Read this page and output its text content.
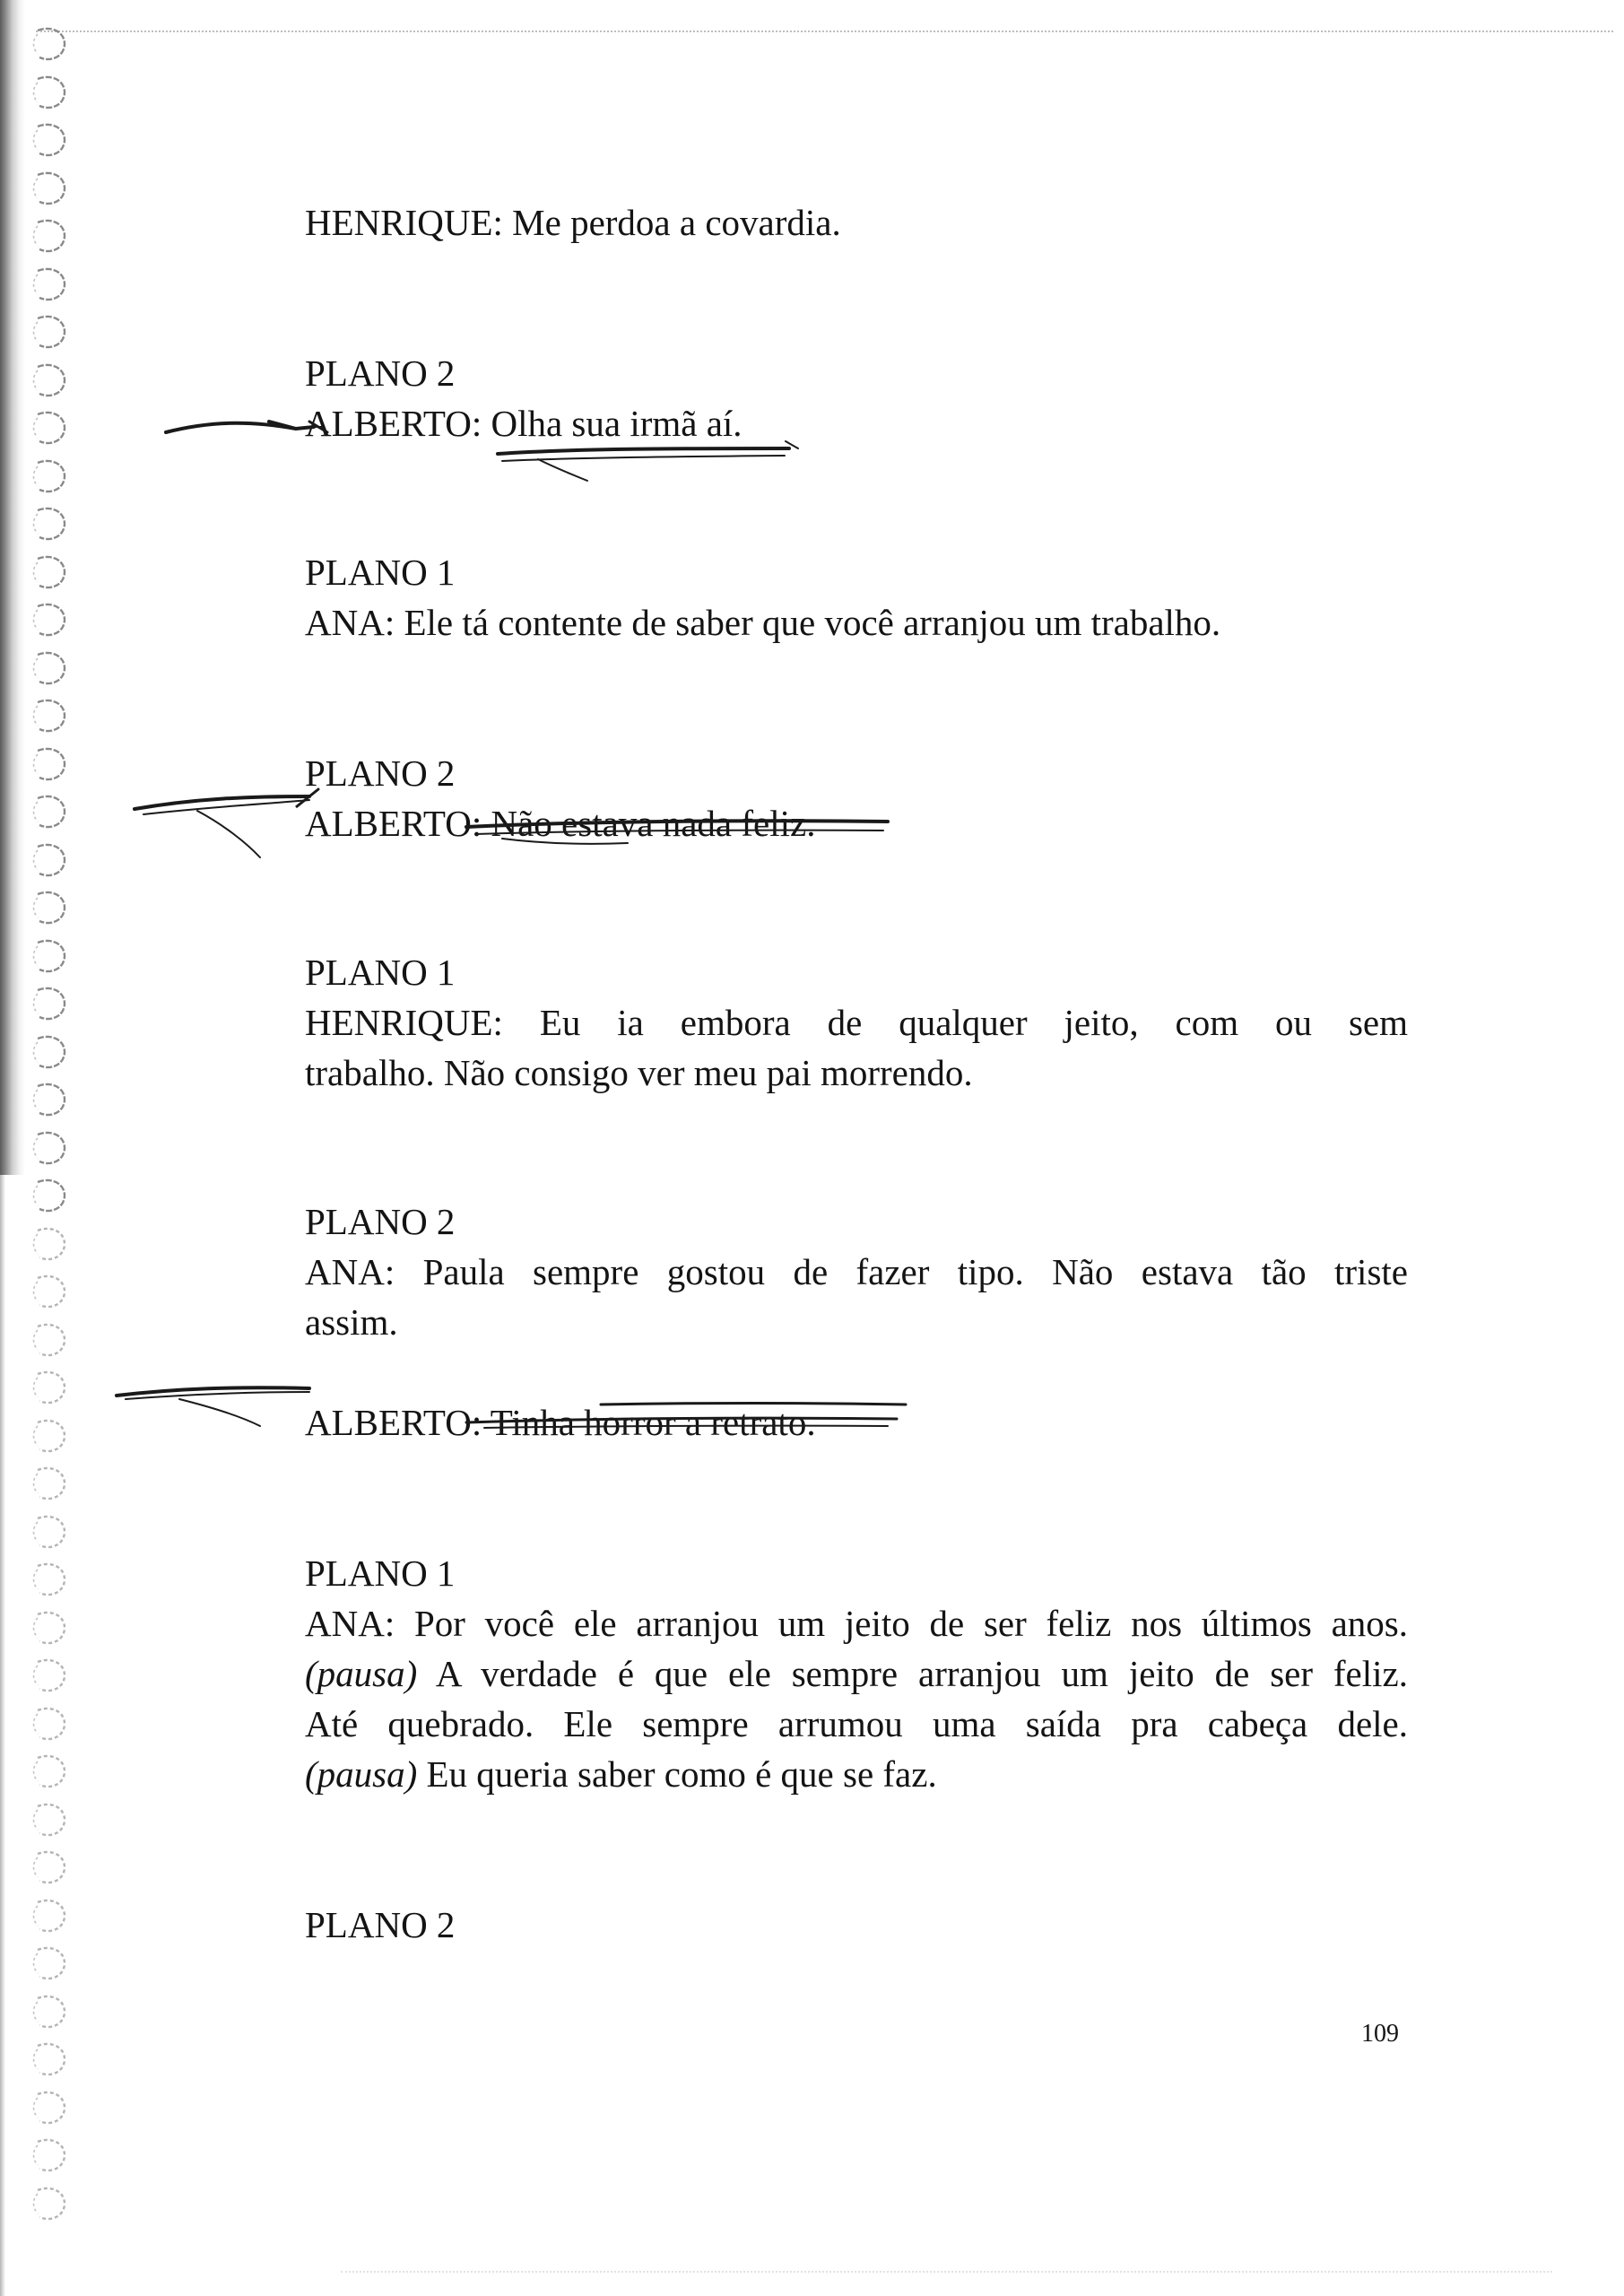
HENRIQUE: Me perdoa a covardia.
PLANO 2
ALBERTO: Olha sua irmã aí.
PLANO 1
ANA: Ele tá contente de saber que você arranjou um trabalho.
PLANO 2
ALBERTO: Não estava nada feliz.
PLANO 1
HENRIQUE: Eu ia embora de qualquer jeito, com ou sem
trabalho. Não consigo ver meu pai morrendo.
PLANO 2
ANA: Paula sempre gostou de fazer tipo. Não estava tão triste
assim.
ALBERTO: Tinha horror a retrato.
PLANO 1
ANA: Por você ele arranjou um jeito de ser feliz nos últimos anos.
(pausa) A verdade é que ele sempre arranjou um jeito de ser feliz.
Até quebrado. Ele sempre arrumou uma saída pra cabeça dele.
(pausa) Eu queria saber como é que se faz.
PLANO 2
109
